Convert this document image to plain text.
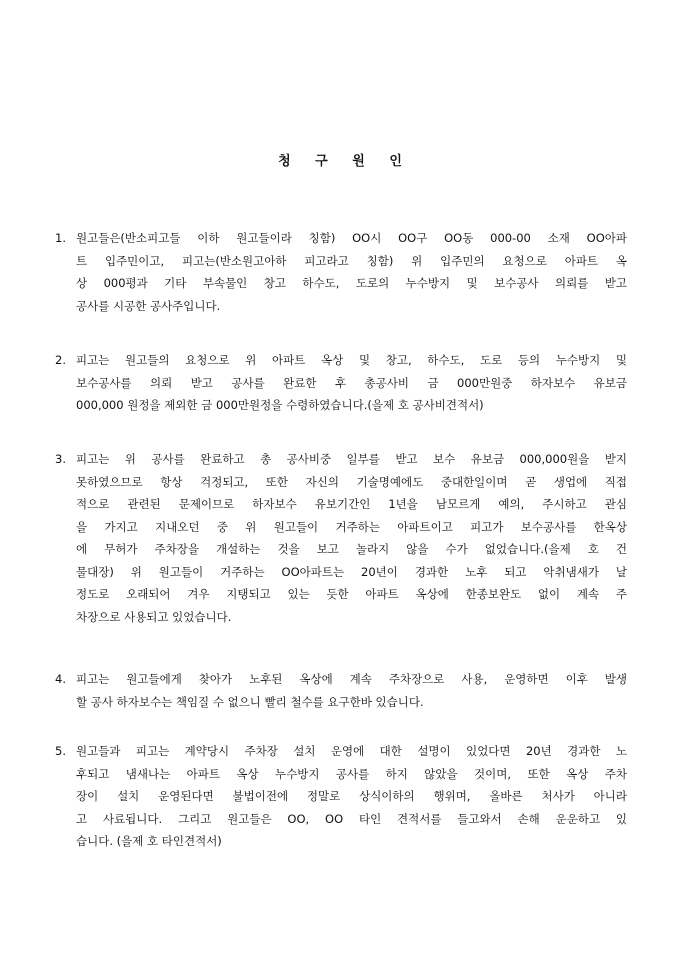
청 구 원 인
1. 원고들은(반소피고들 이하 원고들이라 칭함) OO시 OO구 OO동 000-00 소재 OO아파
트 입주민이고, 피고는(반소원고아하 피고라고 칭함) 위 입주민의 요청으로 아파트 옥
상 000평과 기타 부속물인 창고 하수도, 도로의 누수방지 및 보수공사 의뢰를 받고
공사를 시공한 공사주입니다.
2. 피고는 원고들의 요청으로 위 아파트 옥상 및 창고, 하수도, 도로 등의 누수방지 및
보수공사를 의뢰 받고 공사를 완료한 후 총공사비 금 000만원중 하자보수 유보금
000,000 원정을 제외한 금 000만원정을 수령하였습니다.(을제 호 공사비견적서)
3. 피고는 위 공사를 완료하고 총 공사비중 일부를 받고 보수 유보금 000,000원을 받지
못하였으므로 항상 걱정되고, 또한 자신의 기술명예에도 중대한일이며 곧 생업에 직접
적으로 관련된 문제이므로 하자보수 유보기간인 1년을 남모르게 예의, 주시하고 관심
을 가지고 지내오던 중 위 원고들이 거주하는 아파트이고 피고가 보수공사를 한옥상
에 무허가 주차장을 개설하는 것을 보고 놀라지 않을 수가 없었습니다.(을제 호 건
물대장) 위 원고들이 거주하는 OO아파트는 20년이 경과한 노후 되고 악취냄새가 날
정도로 오래되어 겨우 지탱되고 있는 듯한 아파트 옥상에 한종보완도 없이 계속 주
차장으로 사용되고 있었습니다.
4. 피고는 원고들에게 찾아가 노후된 옥상에 계속 주차장으로 사용, 운영하면 이후 발생
할 공사 하자보수는 책임질 수 없으니 빨리 철수를 요구한바 있습니다.
5. 원고들과 피고는 계약당시 주차장 설치 운영에 대한 설명이 있었다면 20년 경과한 노
후되고 냄새나는 아파트 옥상 누수방지 공사를 하지 않았을 것이며, 또한 옥상 주차
장이 설치 운영된다면 불법이전에 정말로 상식이하의 행위며, 올바른 처사가 아니라
고 사료됩니다. 그리고 원고들은 OO, OO 타인 견적서를 들고와서 손해 운운하고 있
습니다. (을제 호 타인견적서)
